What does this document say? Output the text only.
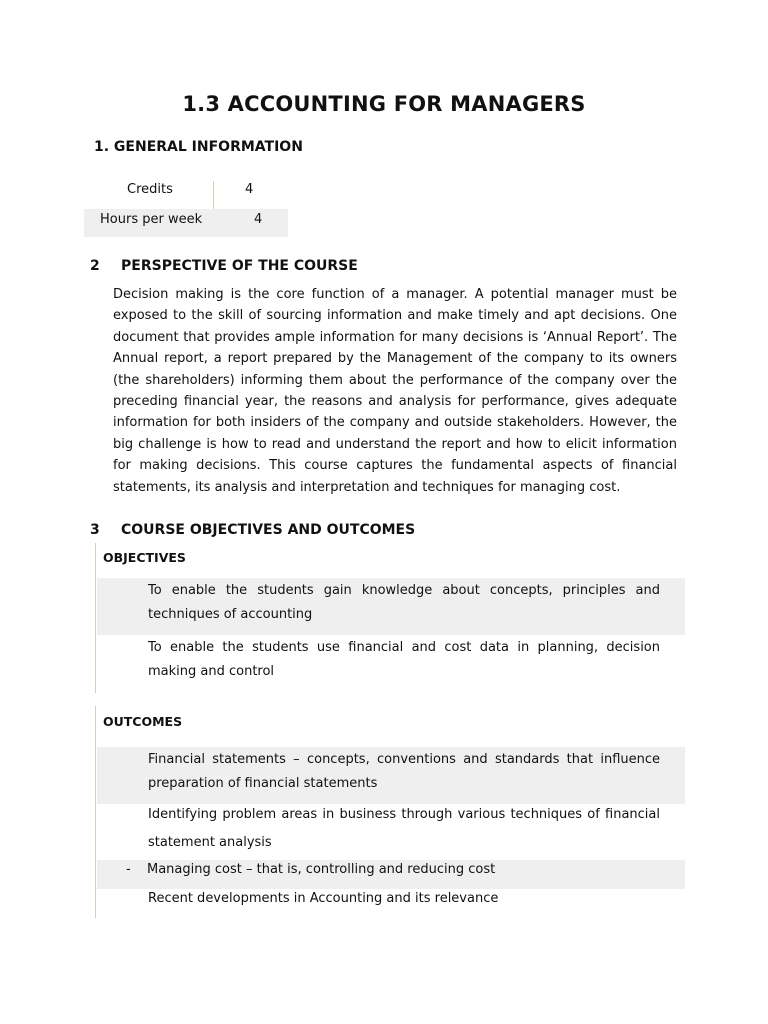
1.3 ACCOUNTING FOR MANAGERS
1. GENERAL INFORMATION
Credits	4
Hours per week	4
2 PERSPECTIVE OF THE COURSE

Decision making is the core function of a manager. A potential manager must be exposed to the skill of sourcing information and make timely and apt decisions. One document that provides ample information for many decisions is ‘Annual Report’. The Annual report, a report prepared by the Management of the company to its owners (the shareholders) informing them about the performance of the company over the preceding financial year, the reasons and analysis for performance, gives adequate information for both insiders of the company and outside stakeholders. However, the big challenge is how to read and understand the report and how to elicit information for making decisions. This course captures the fundamental aspects of financial statements, its analysis and interpretation and techniques for managing cost.

3 COURSE OBJECTIVES AND OUTCOMES
OBJECTIVES

To enable the students gain knowledge about concepts, principles and techniques of accounting

To enable the students use financial and cost data in planning, decision making and control

OUTCOMES

Financial statements – concepts, conventions and standards that influence preparation of financial statements

Identifying problem areas in business through various techniques of financial statement analysis

- Managing cost – that is, controlling and reducing cost

Recent developments in Accounting and its relevance
